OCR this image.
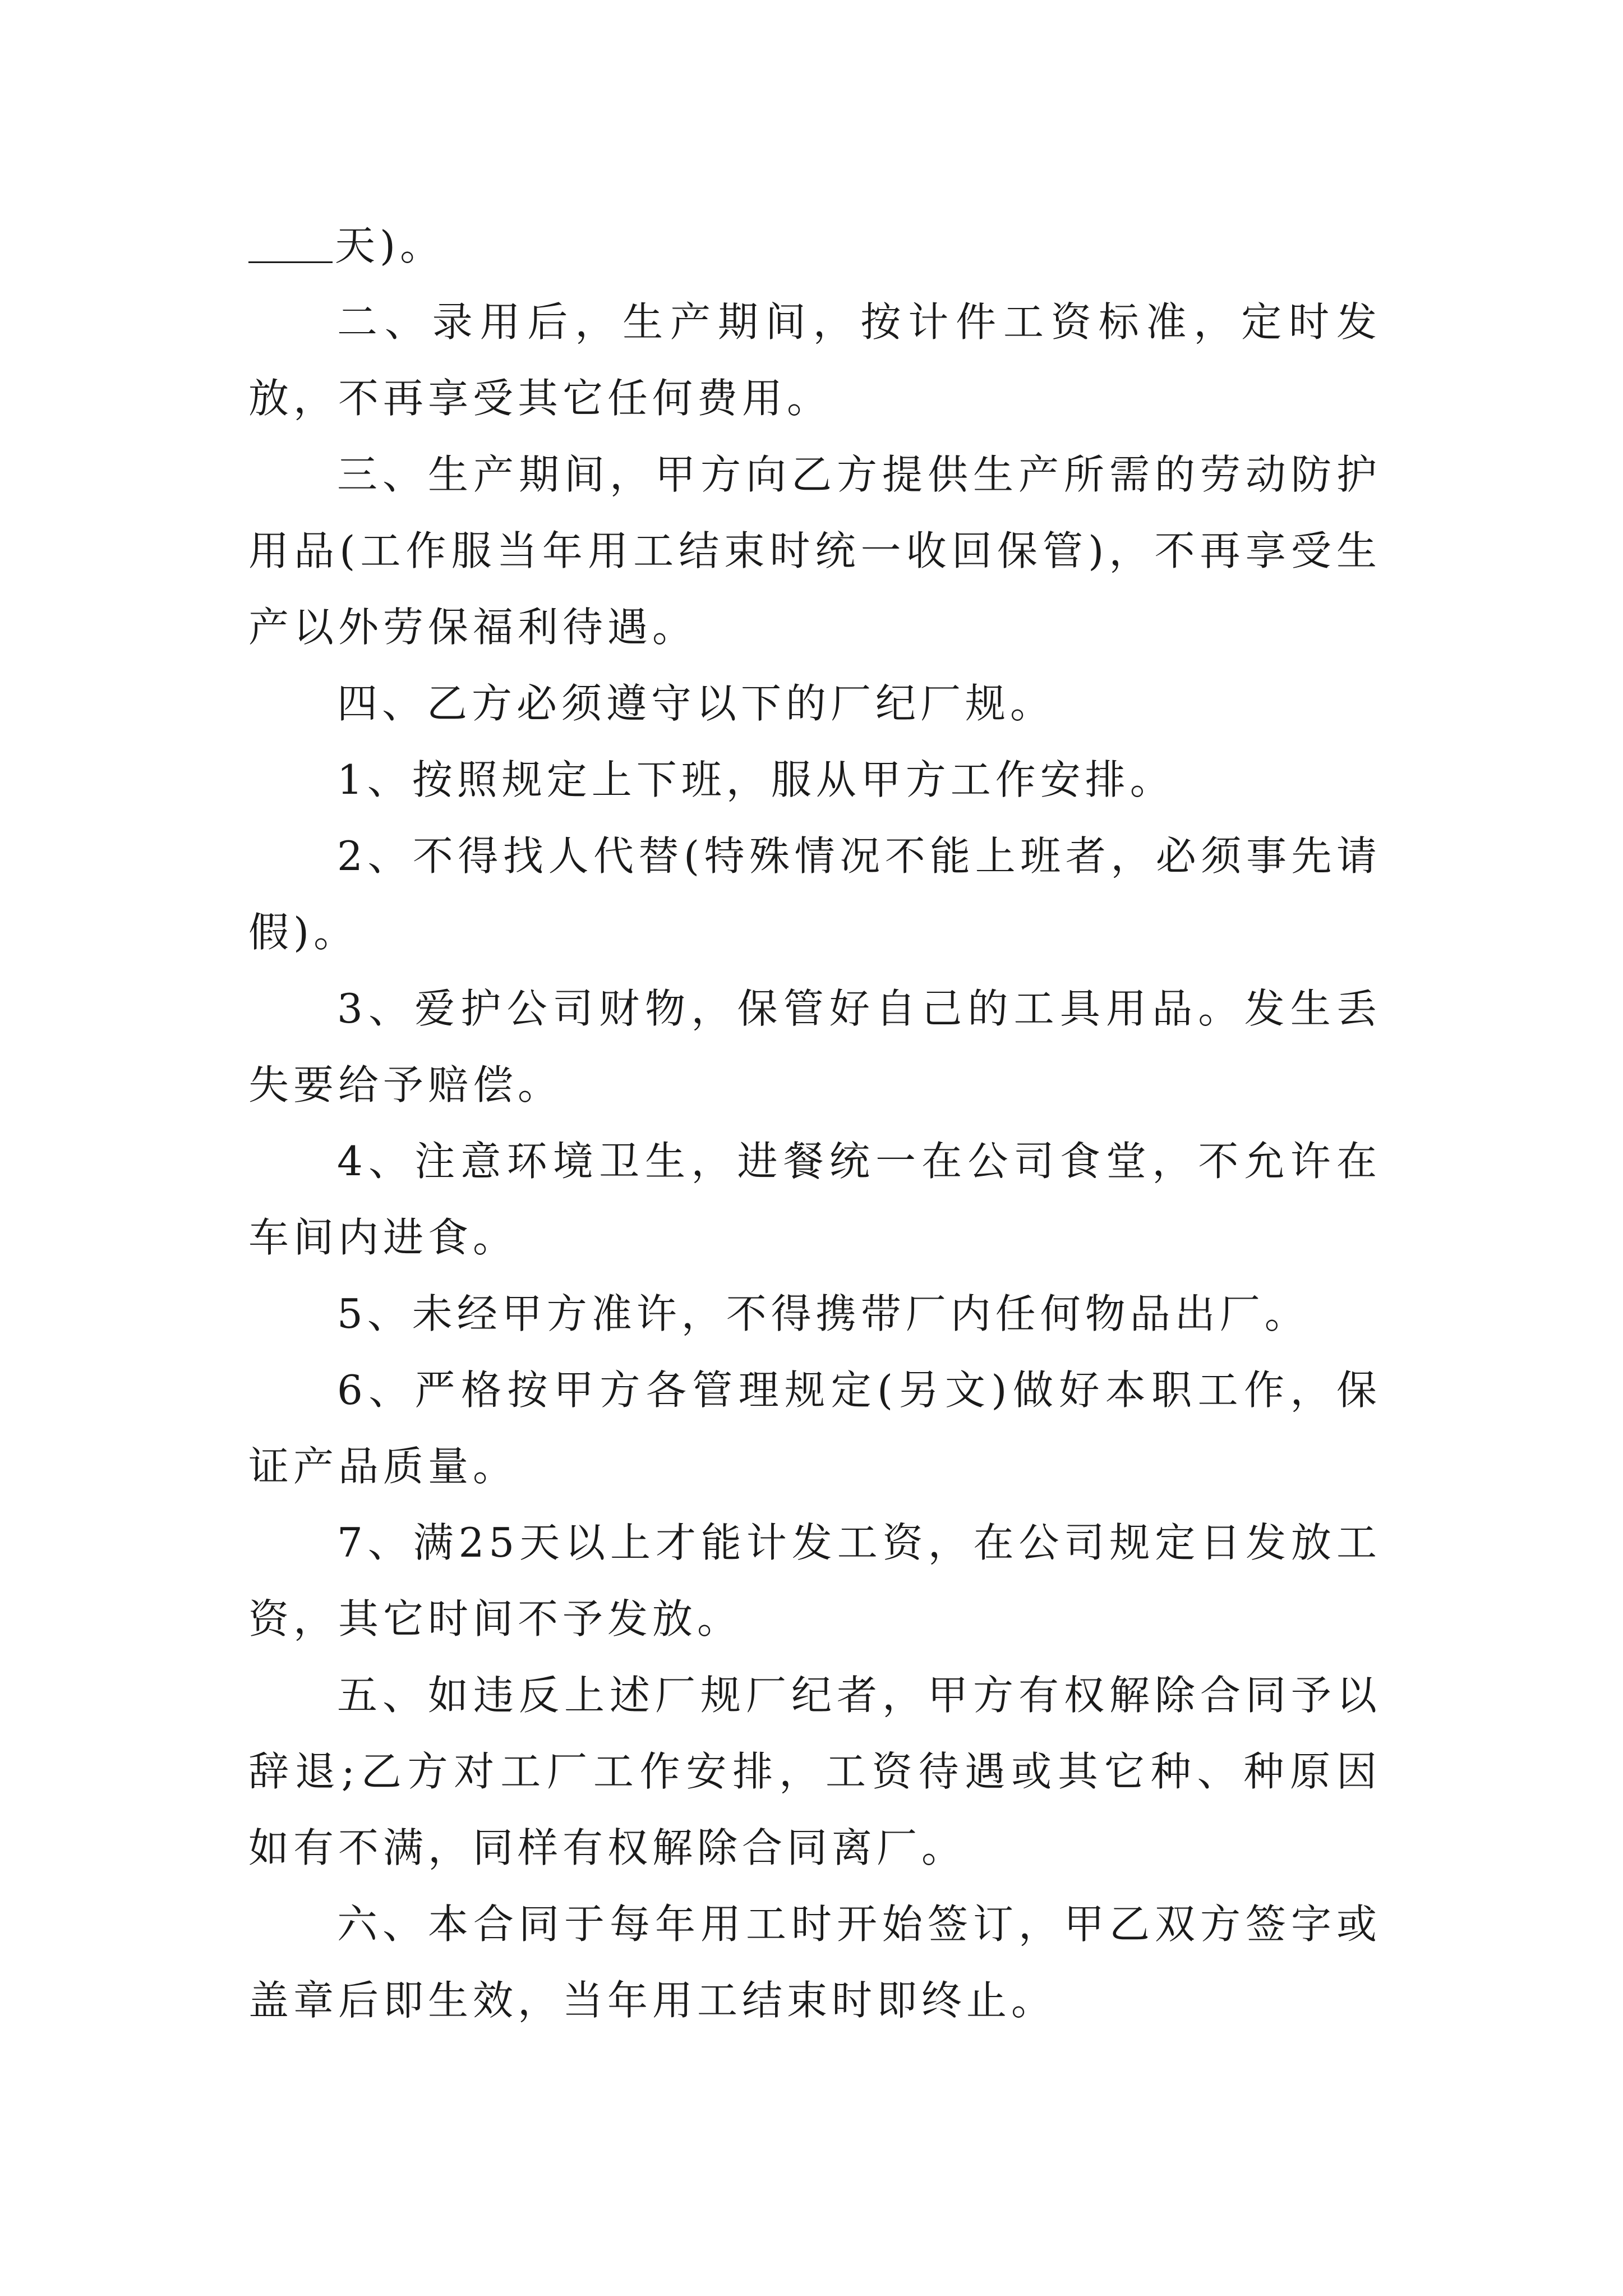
天)。

二、录用后，生产期间，按计件工资标准，定时发放，不再享受其它任何费用。

三、生产期间，甲方向乙方提供生产所需的劳动防护用品(工作服当年用工结束时统一收回保管)，不再享受生产以外劳保福利待遇。

四、乙方必须遵守以下的厂纪厂规。

1、按照规定上下班，服从甲方工作安排。

2、不得找人代替(特殊情况不能上班者，必须事先请假)。

3、爱护公司财物，保管好自己的工具用品。发生丢失要给予赔偿。

4、注意环境卫生，进餐统一在公司食堂，不允许在车间内进食。

5、未经甲方准许，不得携带厂内任何物品出厂。

6、严格按甲方各管理规定(另文)做好本职工作，保证产品质量。

7、满25天以上才能计发工资，在公司规定日发放工资，其它时间不予发放。

五、如违反上述厂规厂纪者，甲方有权解除合同予以辞退;乙方对工厂工作安排，工资待遇或其它种、种原因如有不满，同样有权解除合同离厂。

六、本合同于每年用工时开始签订，甲乙双方签字或盖章后即生效，当年用工结束时即终止。
